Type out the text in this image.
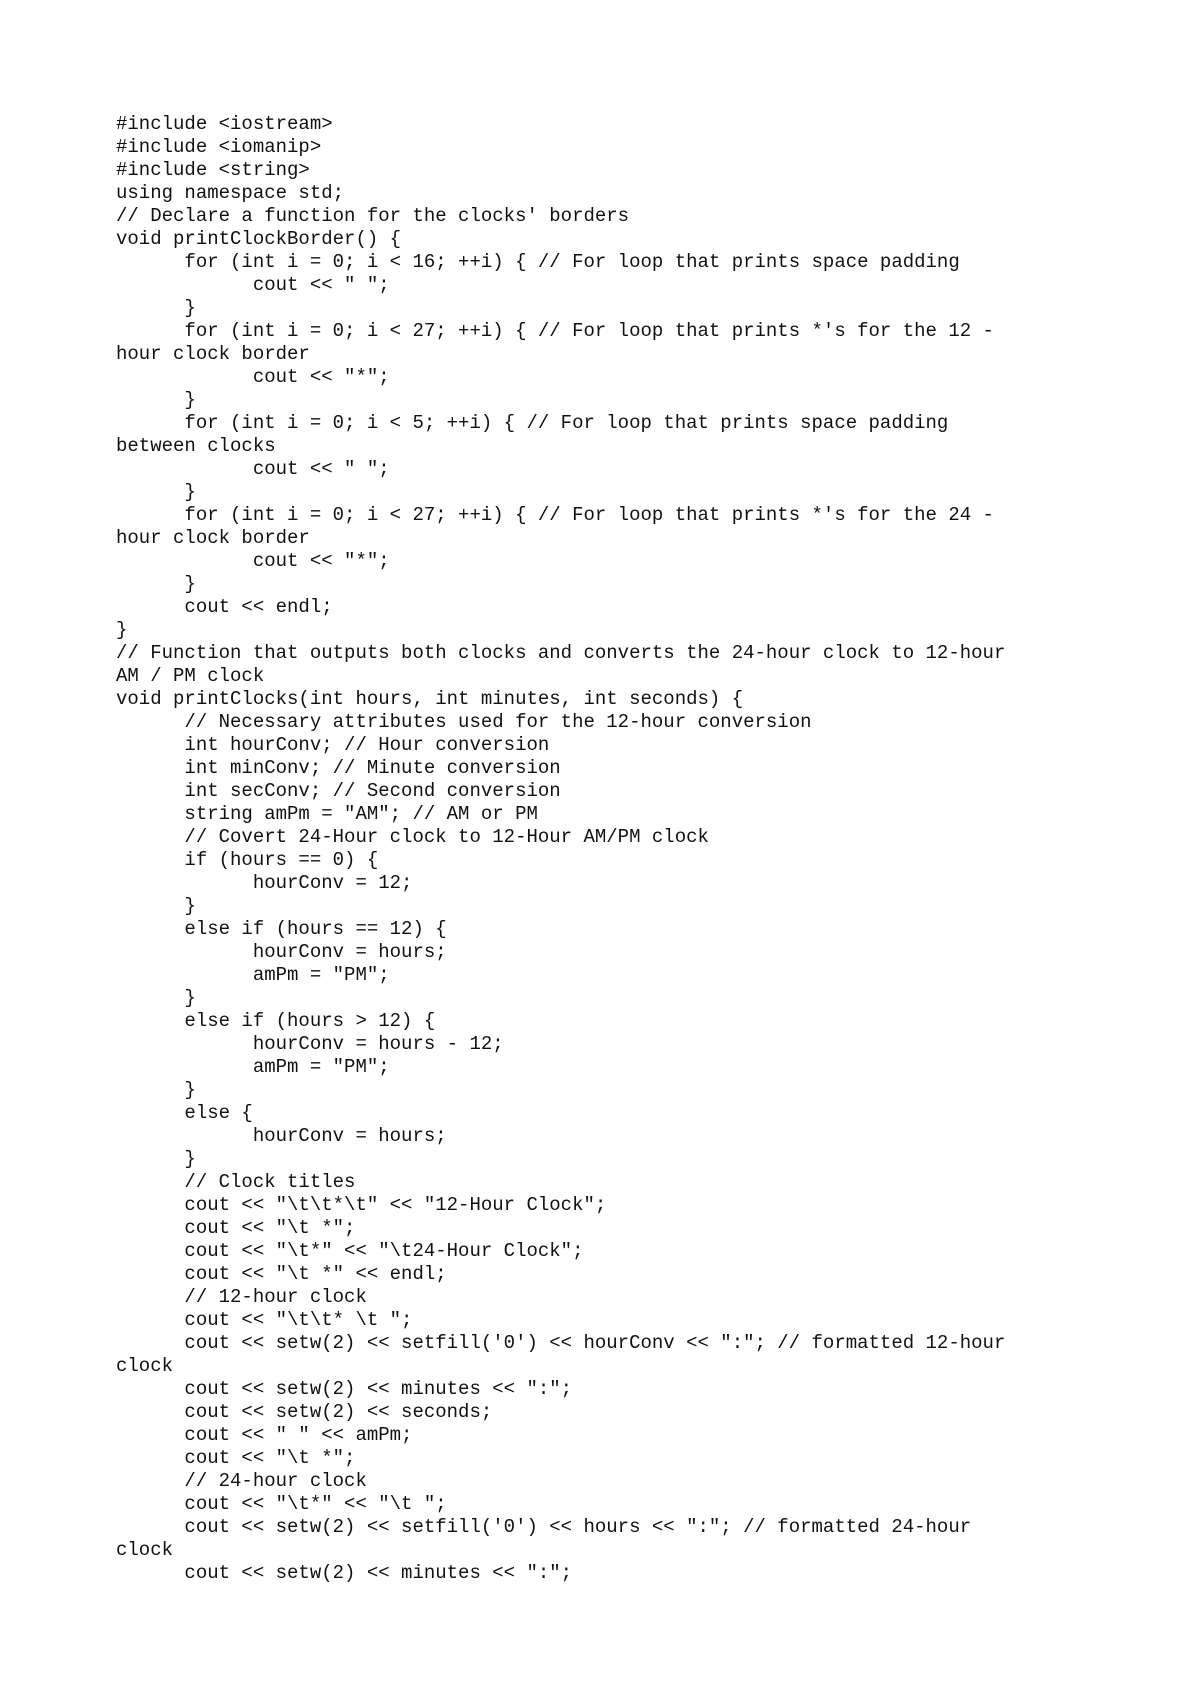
#include <iostream>
#include <iomanip>
#include <string>
using namespace std;
// Declare a function for the clocks' borders
void printClockBorder() {
for (int i = 0; i < 16; ++i) { // For loop that prints space padding
cout << " ";
}
for (int i = 0; i < 27; ++i) { // For loop that prints *'s for the 12 -
hour clock border
cout << "*";
}
for (int i = 0; i < 5; ++i) { // For loop that prints space padding
between clocks
cout << " ";
}
for (int i = 0; i < 27; ++i) { // For loop that prints *'s for the 24 -
hour clock border
cout << "*";
}
cout << endl;
}
// Function that outputs both clocks and converts the 24-hour clock to 12-hour
AM / PM clock
void printClocks(int hours, int minutes, int seconds) {
// Necessary attributes used for the 12-hour conversion
int hourConv; // Hour conversion
int minConv; // Minute conversion
int secConv; // Second conversion
string amPm = "AM"; // AM or PM
// Covert 24-Hour clock to 12-Hour AM/PM clock
if (hours == 0) {
hourConv = 12;
}
else if (hours == 12) {
hourConv = hours;
amPm = "PM";
}
else if (hours > 12) {
hourConv = hours - 12;
amPm = "PM";
}
else {
hourConv = hours;
}
// Clock titles
cout << "\t\t*\t" << "12-Hour Clock";
cout << "\t *";
cout << "\t*" << "\t24-Hour Clock";
cout << "\t *" << endl;
// 12-hour clock
cout << "\t\t* \t ";
cout << setw(2) << setfill('0') << hourConv << ":"; // formatted 12-hour
clock
cout << setw(2) << minutes << ":";
cout << setw(2) << seconds;
cout << " " << amPm;
cout << "\t *";
// 24-hour clock
cout << "\t*" << "\t ";
cout << setw(2) << setfill('0') << hours << ":"; // formatted 24-hour
clock
cout << setw(2) << minutes << ":";
